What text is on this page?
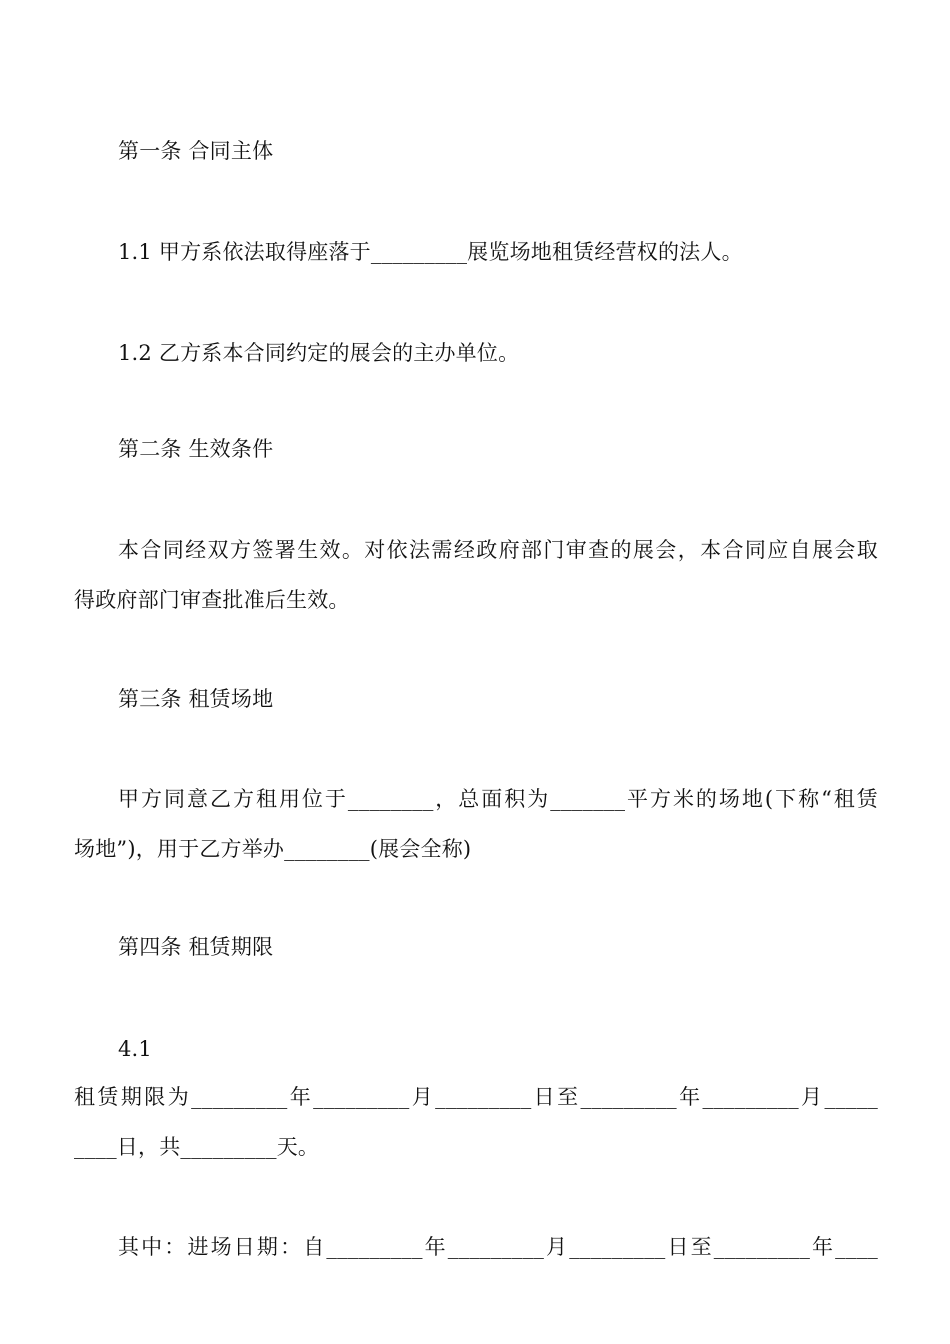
第一条 合同主体
1.1 甲方系依法取得座落于_________展览场地租赁经营权的法人。
1.2 乙方系本合同约定的展会的主办单位。
第二条 生效条件
本合同经双方签署生效。对依法需经政府部门审查的展会，本合同应自展会取
得政府部门审查批准后生效。
第三条 租赁场地
甲方同意乙方租用位于________，总面积为_______平方米的场地(下称“租赁
场地”)，用于乙方举办________(展会全称)
第四条 租赁期限
4.1
租赁期限为_________年_________月_________日至_________年_________月_____
____日，共_________天。
其中：进场日期：自_________年_________月_________日至_________年____
